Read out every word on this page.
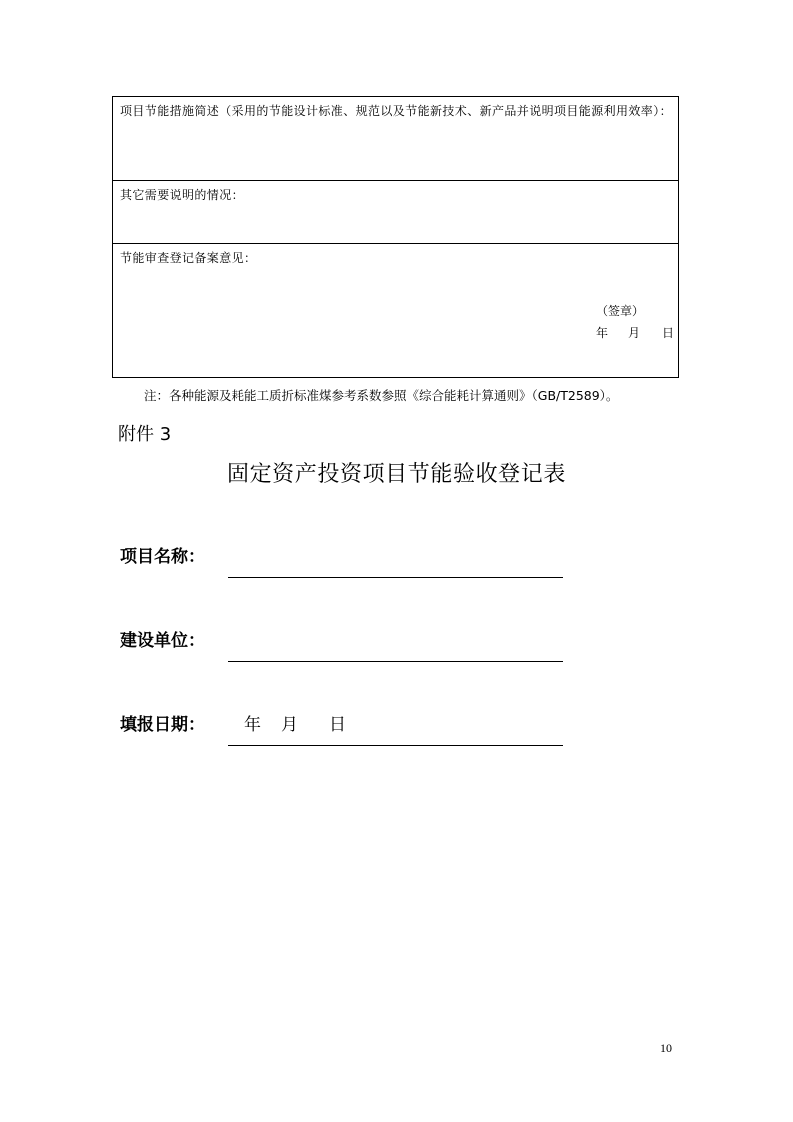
项目节能措施简述（采用的节能设计标准、规范以及节能新技术、新产品并说明项目能源利用效率）：
其它需要说明的情况：
节能审查登记备案意见：
（签章）
年 月 日
注：各种能源及耗能工质折标准煤参考系数参照《综合能耗计算通则》（GB/T2589）。
附件 3
固定资产投资项目节能验收登记表
项目名称：
建设单位：
填报日期： 年 月 日
10
